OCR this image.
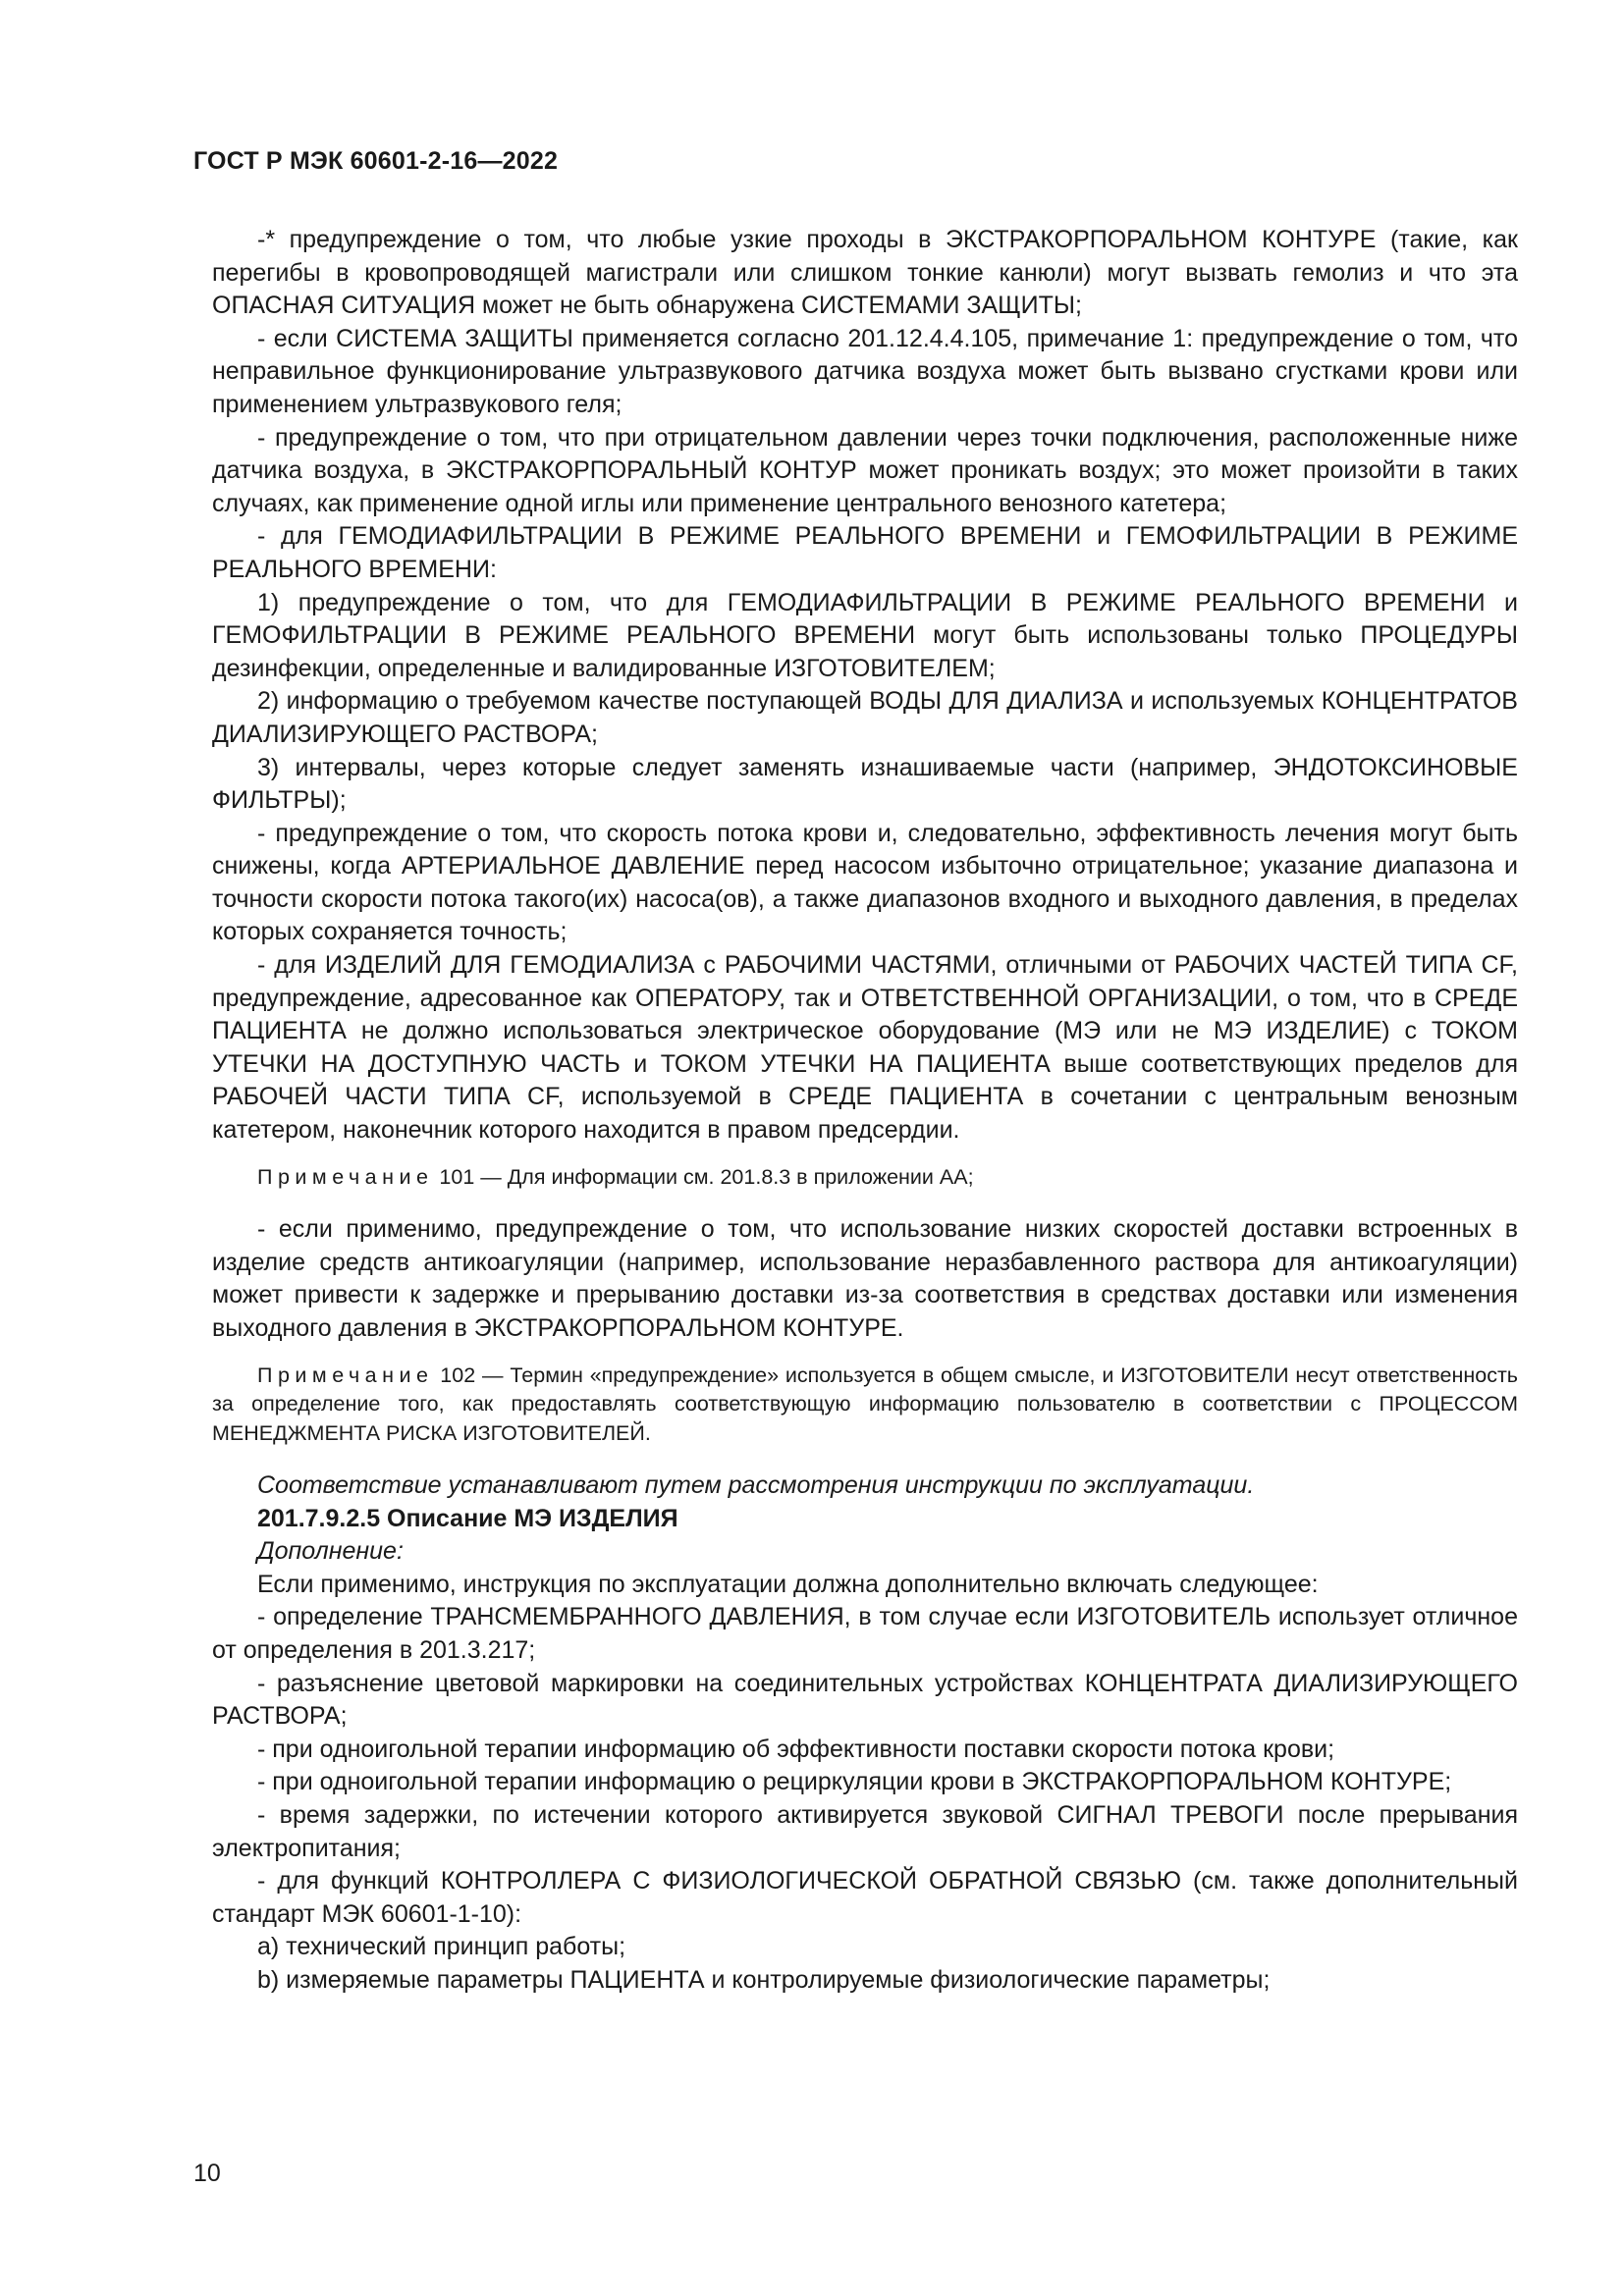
ГОСТ Р МЭК 60601-2-16—2022

-* предупреждение о том, что любые узкие проходы в ЭКСТРАКОРПОРАЛЬНОМ КОНТУРЕ (такие, как перегибы в кровопроводящей магистрали или слишком тонкие канюли) могут вызвать гемолиз и что эта ОПАСНАЯ СИТУАЦИЯ может не быть обнаружена СИСТЕМАМИ ЗАЩИТЫ;

- если СИСТЕМА ЗАЩИТЫ применяется согласно 201.12.4.4.105, примечание 1: предупреждение о том, что неправильное функционирование ультразвукового датчика воздуха может быть вызвано сгустками крови или применением ультразвукового геля;

- предупреждение о том, что при отрицательном давлении через точки подключения, расположенные ниже датчика воздуха, в ЭКСТРАКОРПОРАЛЬНЫЙ КОНТУР может проникать воздух; это может произойти в таких случаях, как применение одной иглы или применение центрального венозного катетера;

- для ГЕМОДИАФИЛЬТРАЦИИ В РЕЖИМЕ РЕАЛЬНОГО ВРЕМЕНИ и ГЕМОФИЛЬТРАЦИИ В РЕЖИМЕ РЕАЛЬНОГО ВРЕМЕНИ:

1) предупреждение о том, что для ГЕМОДИАФИЛЬТРАЦИИ В РЕЖИМЕ РЕАЛЬНОГО ВРЕМЕНИ и ГЕМОФИЛЬТРАЦИИ В РЕЖИМЕ РЕАЛЬНОГО ВРЕМЕНИ могут быть использованы только ПРОЦЕДУРЫ дезинфекции, определенные и валидированные ИЗГОТОВИТЕЛЕМ;

2) информацию о требуемом качестве поступающей ВОДЫ ДЛЯ ДИАЛИЗА и используемых КОНЦЕНТРАТОВ ДИАЛИЗИРУЮЩЕГО РАСТВОРА;

3) интервалы, через которые следует заменять изнашиваемые части (например, ЭНДОТОКСИНОВЫЕ ФИЛЬТРЫ);

- предупреждение о том, что скорость потока крови и, следовательно, эффективность лечения могут быть снижены, когда АРТЕРИАЛЬНОЕ ДАВЛЕНИЕ перед насосом избыточно отрицательное; указание диапазона и точности скорости потока такого(их) насоса(ов), а также диапазонов входного и выходного давления, в пределах которых сохраняется точность;

- для ИЗДЕЛИЙ ДЛЯ ГЕМОДИАЛИЗА с РАБОЧИМИ ЧАСТЯМИ, отличными от РАБОЧИХ ЧАСТЕЙ ТИПА CF, предупреждение, адресованное как ОПЕРАТОРУ, так и ОТВЕТСТВЕННОЙ ОРГАНИЗАЦИИ, о том, что в СРЕДЕ ПАЦИЕНТА не должно использоваться электрическое оборудование (МЭ или не МЭ ИЗДЕЛИЕ) с ТОКОМ УТЕЧКИ НА ДОСТУПНУЮ ЧАСТЬ и ТОКОМ УТЕЧКИ НА ПАЦИЕНТА выше соответствующих пределов для РАБОЧЕЙ ЧАСТИ ТИПА CF, используемой в СРЕДЕ ПАЦИЕНТА в сочетании с центральным венозным катетером, наконечник которого находится в правом предсердии.

Примечание 101 — Для информации см. 201.8.3 в приложении АА;

- если применимо, предупреждение о том, что использование низких скоростей доставки встроенных в изделие средств антикоагуляции (например, использование неразбавленного раствора для антикоагуляции) может привести к задержке и прерыванию доставки из-за соответствия в средствах доставки или изменения выходного давления в ЭКСТРАКОРПОРАЛЬНОМ КОНТУРЕ.

Примечание 102 — Термин «предупреждение» используется в общем смысле, и ИЗГОТОВИТЕЛИ несут ответственность за определение того, как предоставлять соответствующую информацию пользователю в соответствии с ПРОЦЕССОМ МЕНЕДЖМЕНТА РИСКА ИЗГОТОВИТЕЛЕЙ.

Соответствие устанавливают путем рассмотрения инструкции по эксплуатации.

201.7.9.2.5 Описание МЭ ИЗДЕЛИЯ

Дополнение:

Если применимо, инструкция по эксплуатации должна дополнительно включать следующее:

- определение ТРАНСМЕМБРАННОГО ДАВЛЕНИЯ, в том случае если ИЗГОТОВИТЕЛЬ использует отличное от определения в 201.3.217;

- разъяснение цветовой маркировки на соединительных устройствах КОНЦЕНТРАТА ДИАЛИЗИРУЮЩЕГО РАСТВОРА;

- при одноигольной терапии информацию об эффективности поставки скорости потока крови;

- при одноигольной терапии информацию о рециркуляции крови в ЭКСТРАКОРПОРАЛЬНОМ КОНТУРЕ;

- время задержки, по истечении которого активируется звуковой СИГНАЛ ТРЕВОГИ после прерывания электропитания;

- для функций КОНТРОЛЛЕРА С ФИЗИОЛОГИЧЕСКОЙ ОБРАТНОЙ СВЯЗЬЮ (см. также дополнительный стандарт МЭК 60601-1-10):

a) технический принцип работы;

b) измеряемые параметры ПАЦИЕНТА и контролируемые физиологические параметры;

10
